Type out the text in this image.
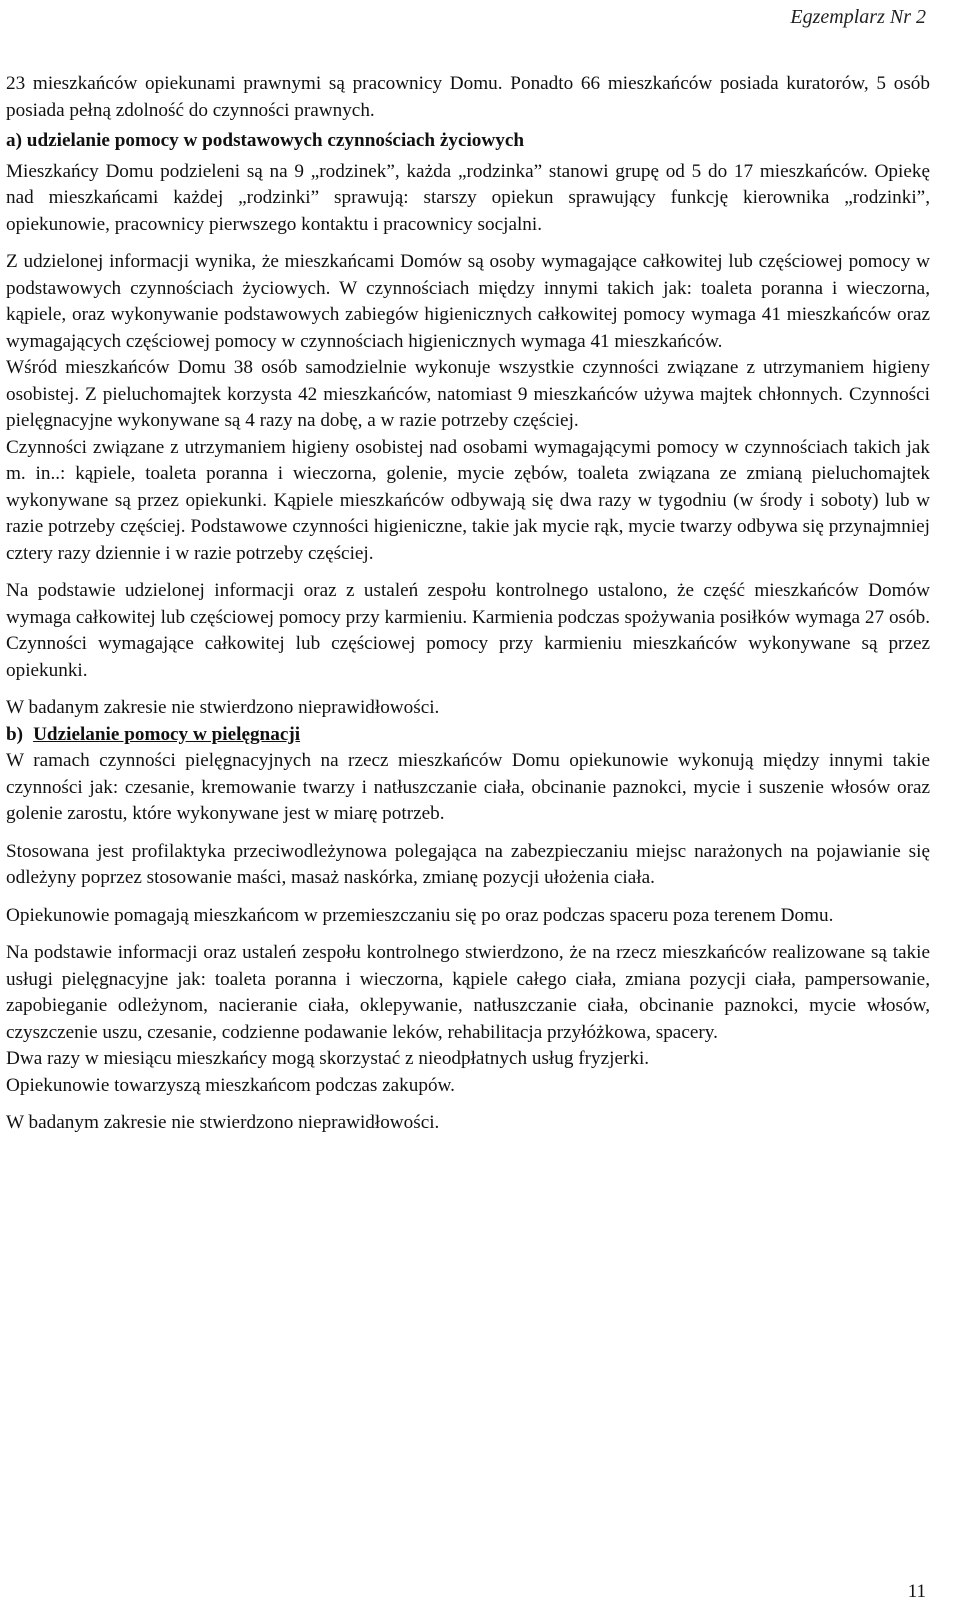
Egzemplarz Nr 2

23 mieszkańców opiekunami prawnymi są pracownicy Domu. Ponadto 66 mieszkańców posiada kuratorów, 5 osób posiada pełną zdolność do czynności prawnych.

a) udzielanie pomocy w podstawowych czynnościach życiowych

Mieszkańcy Domu podzieleni są na 9 „rodzinek”, każda „rodzinka” stanowi grupę od 5 do 17 mieszkańców. Opiekę nad mieszkańcami każdej „rodzinki” sprawują: starszy opiekun sprawujący funkcję kierownika „rodzinki”, opiekunowie, pracownicy pierwszego kontaktu i pracownicy socjalni.

Z udzielonej informacji wynika, że mieszkańcami Domów są osoby wymagające całkowitej lub częściowej pomocy w podstawowych czynnościach życiowych. W czynnościach między innymi takich jak: toaleta poranna i wieczorna, kąpiele, oraz wykonywanie podstawowych zabiegów higienicznych całkowitej pomocy wymaga 41 mieszkańców oraz wymagających częściowej pomocy w czynnościach higienicznych wymaga 41 mieszkańców.

Wśród mieszkańców Domu 38 osób samodzielnie wykonuje wszystkie czynności związane z utrzymaniem higieny osobistej. Z pieluchomajtek korzysta 42 mieszkańców, natomiast 9 mieszkańców używa majtek chłonnych. Czynności pielęgnacyjne wykonywane są 4 razy na dobę, a w razie potrzeby częściej.

Czynności związane z utrzymaniem higieny osobistej nad osobami wymagającymi pomocy w czynnościach takich jak m. in..: kąpiele, toaleta poranna i wieczorna, golenie, mycie zębów, toaleta związana ze zmianą pieluchomajtek wykonywane są przez opiekunki. Kąpiele mieszkańców odbywają się dwa razy w tygodniu (w środy i soboty) lub w razie potrzeby częściej. Podstawowe czynności higieniczne, takie jak mycie rąk, mycie twarzy odbywa się przynajmniej cztery razy dziennie i w razie potrzeby częściej.

Na podstawie udzielonej informacji oraz z ustaleń zespołu kontrolnego ustalono, że część mieszkańców Domów wymaga całkowitej lub częściowej pomocy przy karmieniu. Karmienia podczas spożywania posiłków wymaga 27 osób. Czynności wymagające całkowitej lub częściowej pomocy przy karmieniu mieszkańców wykonywane są przez opiekunki.

W badanym zakresie nie stwierdzono nieprawidłowości.

b) Udzielanie pomocy w pielęgnacji

W ramach czynności pielęgnacyjnych na rzecz mieszkańców Domu opiekunowie wykonują między innymi takie czynności jak: czesanie, kremowanie twarzy i natłuszczanie ciała, obcinanie paznokci, mycie i suszenie włosów oraz golenie zarostu, które wykonywane jest w miarę potrzeb.

Stosowana jest profilaktyka przeciwodleżynowa polegająca na zabezpieczaniu miejsc narażonych na pojawianie się odleżyny poprzez stosowanie maści, masaż naskórka, zmianę pozycji ułożenia ciała.

Opiekunowie pomagają mieszkańcom w przemieszczaniu się po oraz podczas spaceru poza terenem Domu.

Na podstawie informacji oraz ustaleń zespołu kontrolnego stwierdzono, że na rzecz mieszkańców realizowane są takie usługi pielęgnacyjne jak: toaleta poranna i wieczorna, kąpiele całego ciała, zmiana pozycji ciała, pampersowanie, zapobieganie odleżynom, nacieranie ciała, oklepywanie, natłuszczanie ciała, obcinanie paznokci, mycie włosów, czyszczenie uszu, czesanie, codzienne podawanie leków, rehabilitacja przyłóżkowa, spacery.

Dwa razy w miesiącu mieszkańcy mogą skorzystać z nieodpłatnych usług fryzjerki.

Opiekunowie towarzyszą mieszkańcom podczas zakupów.

W badanym zakresie nie stwierdzono nieprawidłowości.

11
